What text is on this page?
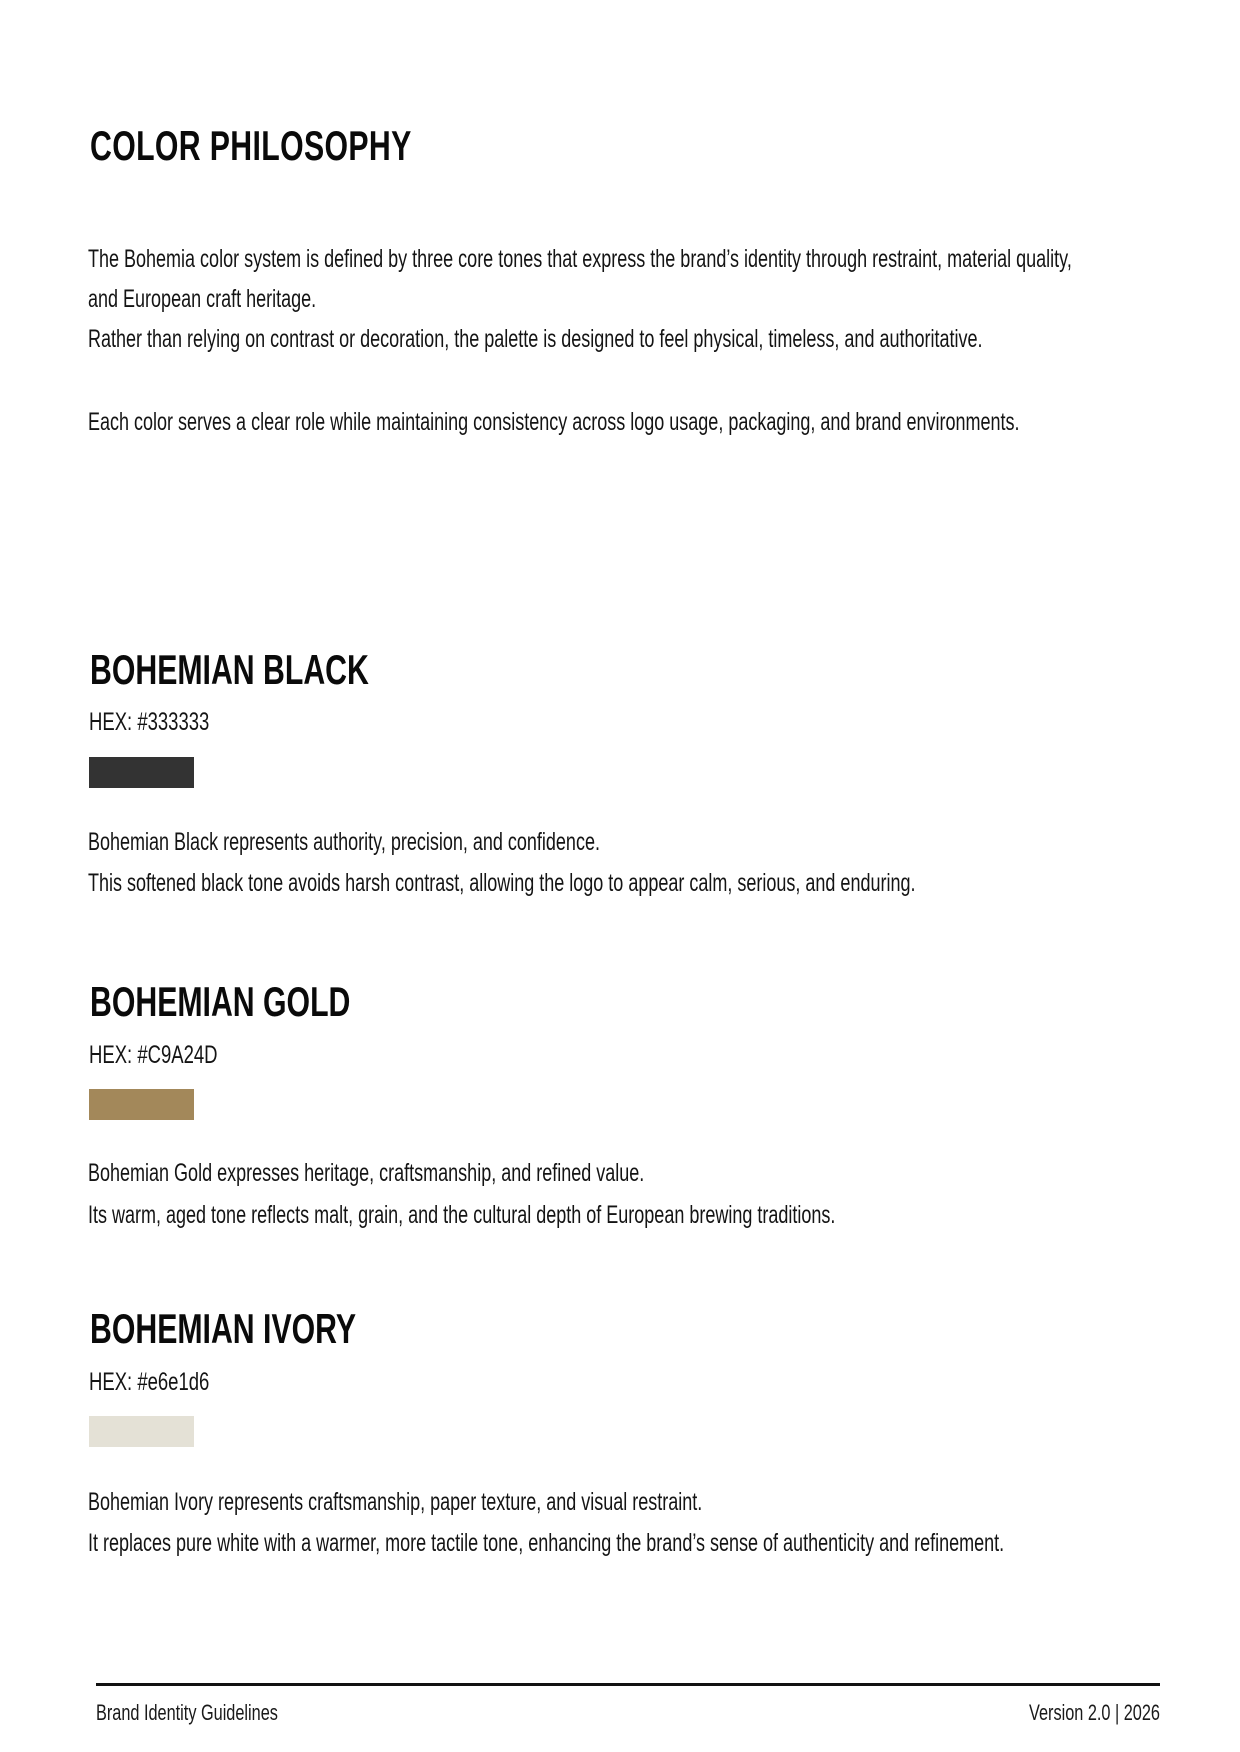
COLOR PHILOSOPHY
The Bohemia color system is defined by three core tones that express the brand’s identity through restraint, material quality,
and European craft heritage.
Rather than relying on contrast or decoration, the palette is designed to feel physical, timeless, and authoritative.
Each color serves a clear role while maintaining consistency across logo usage, packaging, and brand environments.
BOHEMIAN BLACK
HEX: #333333
Bohemian Black represents authority, precision, and confidence.
This softened black tone avoids harsh contrast, allowing the logo to appear calm, serious, and enduring.
BOHEMIAN GOLD
HEX: #C9A24D
Bohemian Gold expresses heritage, craftsmanship, and refined value.
Its warm, aged tone reflects malt, grain, and the cultural depth of European brewing traditions.
BOHEMIAN IVORY
HEX: #e6e1d6
Bohemian Ivory represents craftsmanship, paper texture, and visual restraint.
It replaces pure white with a warmer, more tactile tone, enhancing the brand’s sense of authenticity and refinement.
Brand Identity Guidelines	Version 2.0 | 2026
